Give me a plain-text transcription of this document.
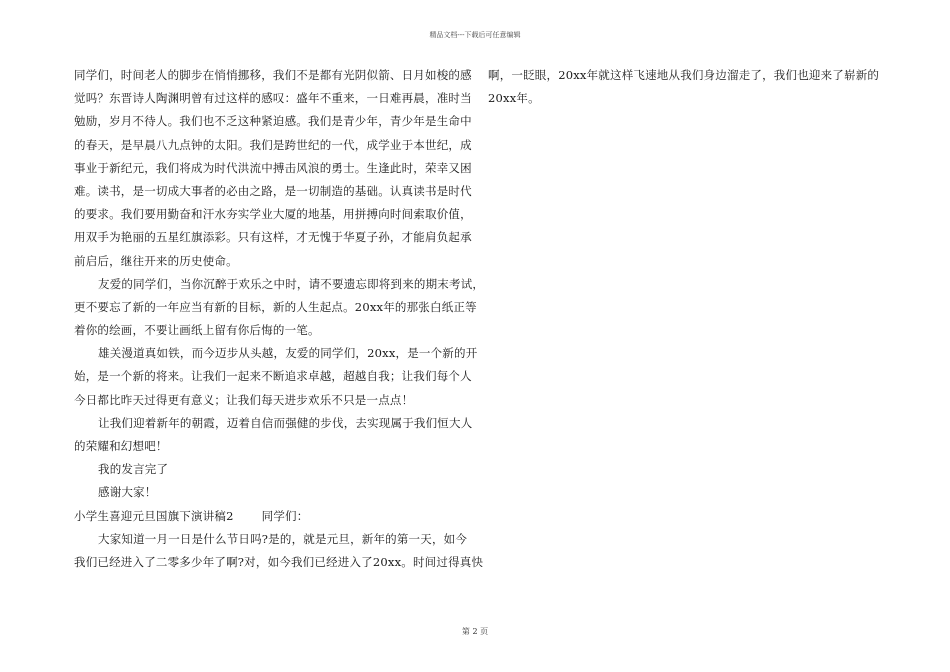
精品文档---下载后可任意编辑
同学们，时间老人的脚步在悄悄挪移，我们不是都有光阴似箭、日月如梭的感
觉吗？东晋诗人陶渊明曾有过这样的感叹：盛年不重来，一日难再晨，准时当
勉励，岁月不待人。我们也不乏这种紧迫感。我们是青少年，青少年是生命中
的春天，是早晨八九点钟的太阳。我们是跨世纪的一代，成学业于本世纪，成
事业于新纪元，我们将成为时代洪流中搏击风浪的勇士。生逢此时，荣幸又困
难。读书，是一切成大事者的必由之路，是一切制造的基础。认真读书是时代
的要求。我们要用勤奋和汗水夯实学业大厦的地基，用拼搏向时间索取价值，
用双手为艳丽的五星红旗添彩。只有这样，才无愧于华夏子孙，才能肩负起承
前启后，继往开来的历史使命。
友爱的同学们，当你沉醉于欢乐之中时，请不要遗忘即将到来的期末考试，
更不要忘了新的一年应当有新的目标，新的人生起点。20xx年的那张白纸正等
着你的绘画，不要让画纸上留有你后悔的一笔。
雄关漫道真如铁，而今迈步从头越，友爱的同学们，20xx，是一个新的开
始，是一个新的将来。让我们一起来不断追求卓越，超越自我；让我们每个人
今日都比昨天过得更有意义；让我们每天进步欢乐不只是一点点！
让我们迎着新年的朝霞，迈着自信而强健的步伐，去实现属于我们恒大人
的荣耀和幻想吧！
我的发言完了
感谢大家！
小学生喜迎元旦国旗下演讲稿2 同学们：
大家知道一月一日是什么节日吗?是的，就是元旦，新年的第一天，如今
我们已经进入了二零多少年了啊?对，如今我们已经进入了20xx。时间过得真快
啊，一眨眼，20xx年就这样飞速地从我们身边溜走了，我们也迎来了崭新的
20xx年。
第 2 页
